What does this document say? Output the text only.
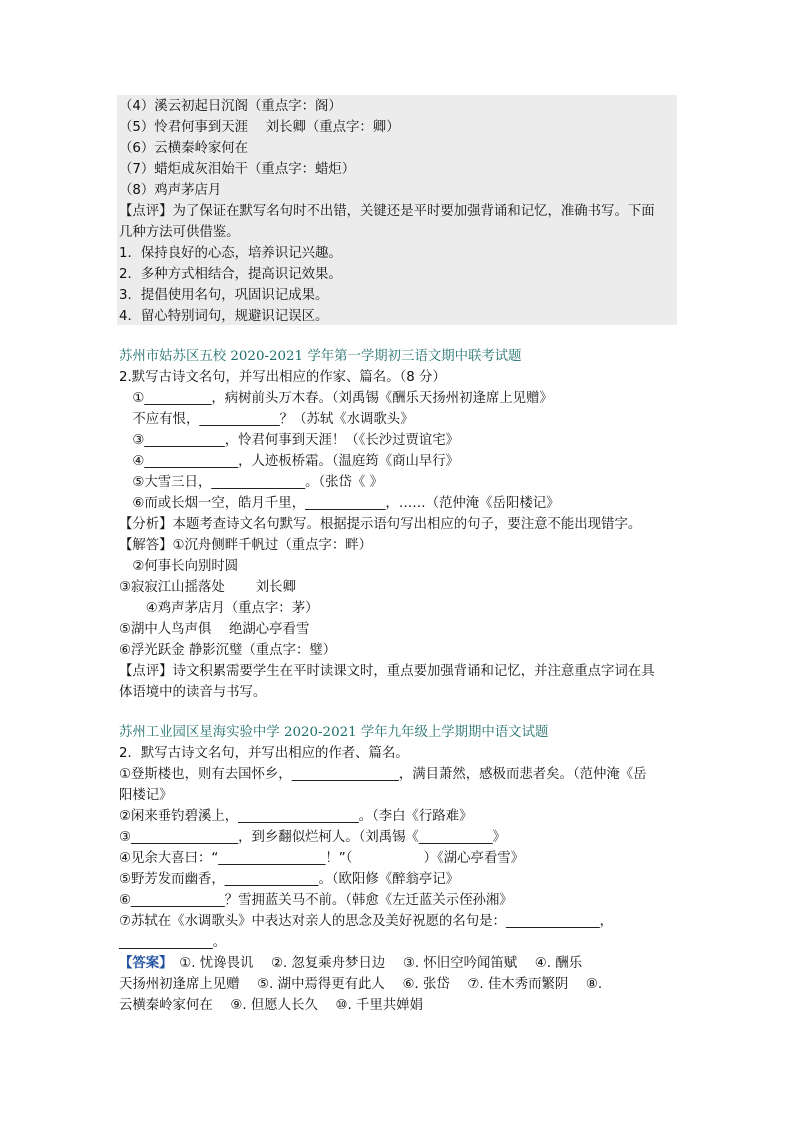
（4）溪云初起日沉阁（重点字：阁）
（5）怜君何事到天涯　 刘长卿（重点字：卿）
（6）云横秦岭家何在
（7）蜡炬成灰泪始干（重点字：蜡炬）
（8）鸡声茅店月
【点评】为了保证在默写名句时不出错，关键还是平时要加强背诵和记忆，准确书写。下面
几种方法可供借鉴。
1．保持良好的心态，培养识记兴趣。
2．多种方式相结合，提高识记效果。
3．提倡使用名句，巩固识记成果。
4．留心特别词句，规避识记误区。
苏州市姑苏区五校 2020-2021 学年第一学期初三语文期中联考试题
2.默写古诗文名句，并写出相应的作家、篇名。（8 分）
　①__________，病树前头万木春。（刘禹锡《酬乐天扬州初逢席上见赠》
　不应有恨，____________？（苏轼《水调歌头》
　③____________，怜君何事到天涯！（《长沙过贾谊宅》
　④______________，人迹板桥霜。（温庭筠《商山早行》
　⑤大雪三日，______________。（张岱《 》
　⑥而或长烟一空，皓月千里，____________，……（范仲淹《岳阳楼记》
【分析】本题考查诗文名句默写。根据提示语句写出相应的句子，要注意不能出现错字。
【解答】①沉舟侧畔千帆过（重点字：畔）
　②何事长向别时圆
③寂寂江山摇落处　　 刘长卿
　　④鸡声茅店月（重点字：茅）
⑤湖中人鸟声俱　 绝湖心亭看雪
⑥浮光跃金 静影沉璧（重点字：璧）
【点评】诗文积累需要学生在平时读课文时，重点要加强背诵和记忆，并注意重点字词在具
体语境中的读音与书写。
苏州工业园区星海实验中学 2020-2021 学年九年级上学期期中语文试题
2．默写古诗文名句，并写出相应的作者、篇名。
①登斯楼也，则有去国怀乡，________________，满目萧然，感极而悲者矣。（范仲淹《岳
阳楼记》
②闲来垂钓碧溪上，__________________。（李白《行路难》
③________________，到乡翻似烂柯人。（刘禹锡《___________》
④见余大喜曰：“________________！”（　　　　　 ）《湖心亭看雪》
⑤野芳发而幽香，______________。（欧阳修《醉翁亭记》
⑥______________？雪拥蓝关马不前。（韩愈《左迁蓝关示侄孙湘》
⑦苏轼在《水调歌头》中表达对亲人的思念及美好祝愿的名句是：______________，
______________。
【答案】　①. 忧谗畏讥　 ②. 忽复乘舟梦日边　 ③. 怀旧空吟闻笛赋　 ④. 酬乐
天扬州初逢席上见赠　 ⑤. 湖中焉得更有此人　 ⑥. 张岱　 ⑦. 佳木秀而繁阴　 ⑧.
云横秦岭家何在　 ⑨. 但愿人长久　 ⑩. 千里共婵娟
